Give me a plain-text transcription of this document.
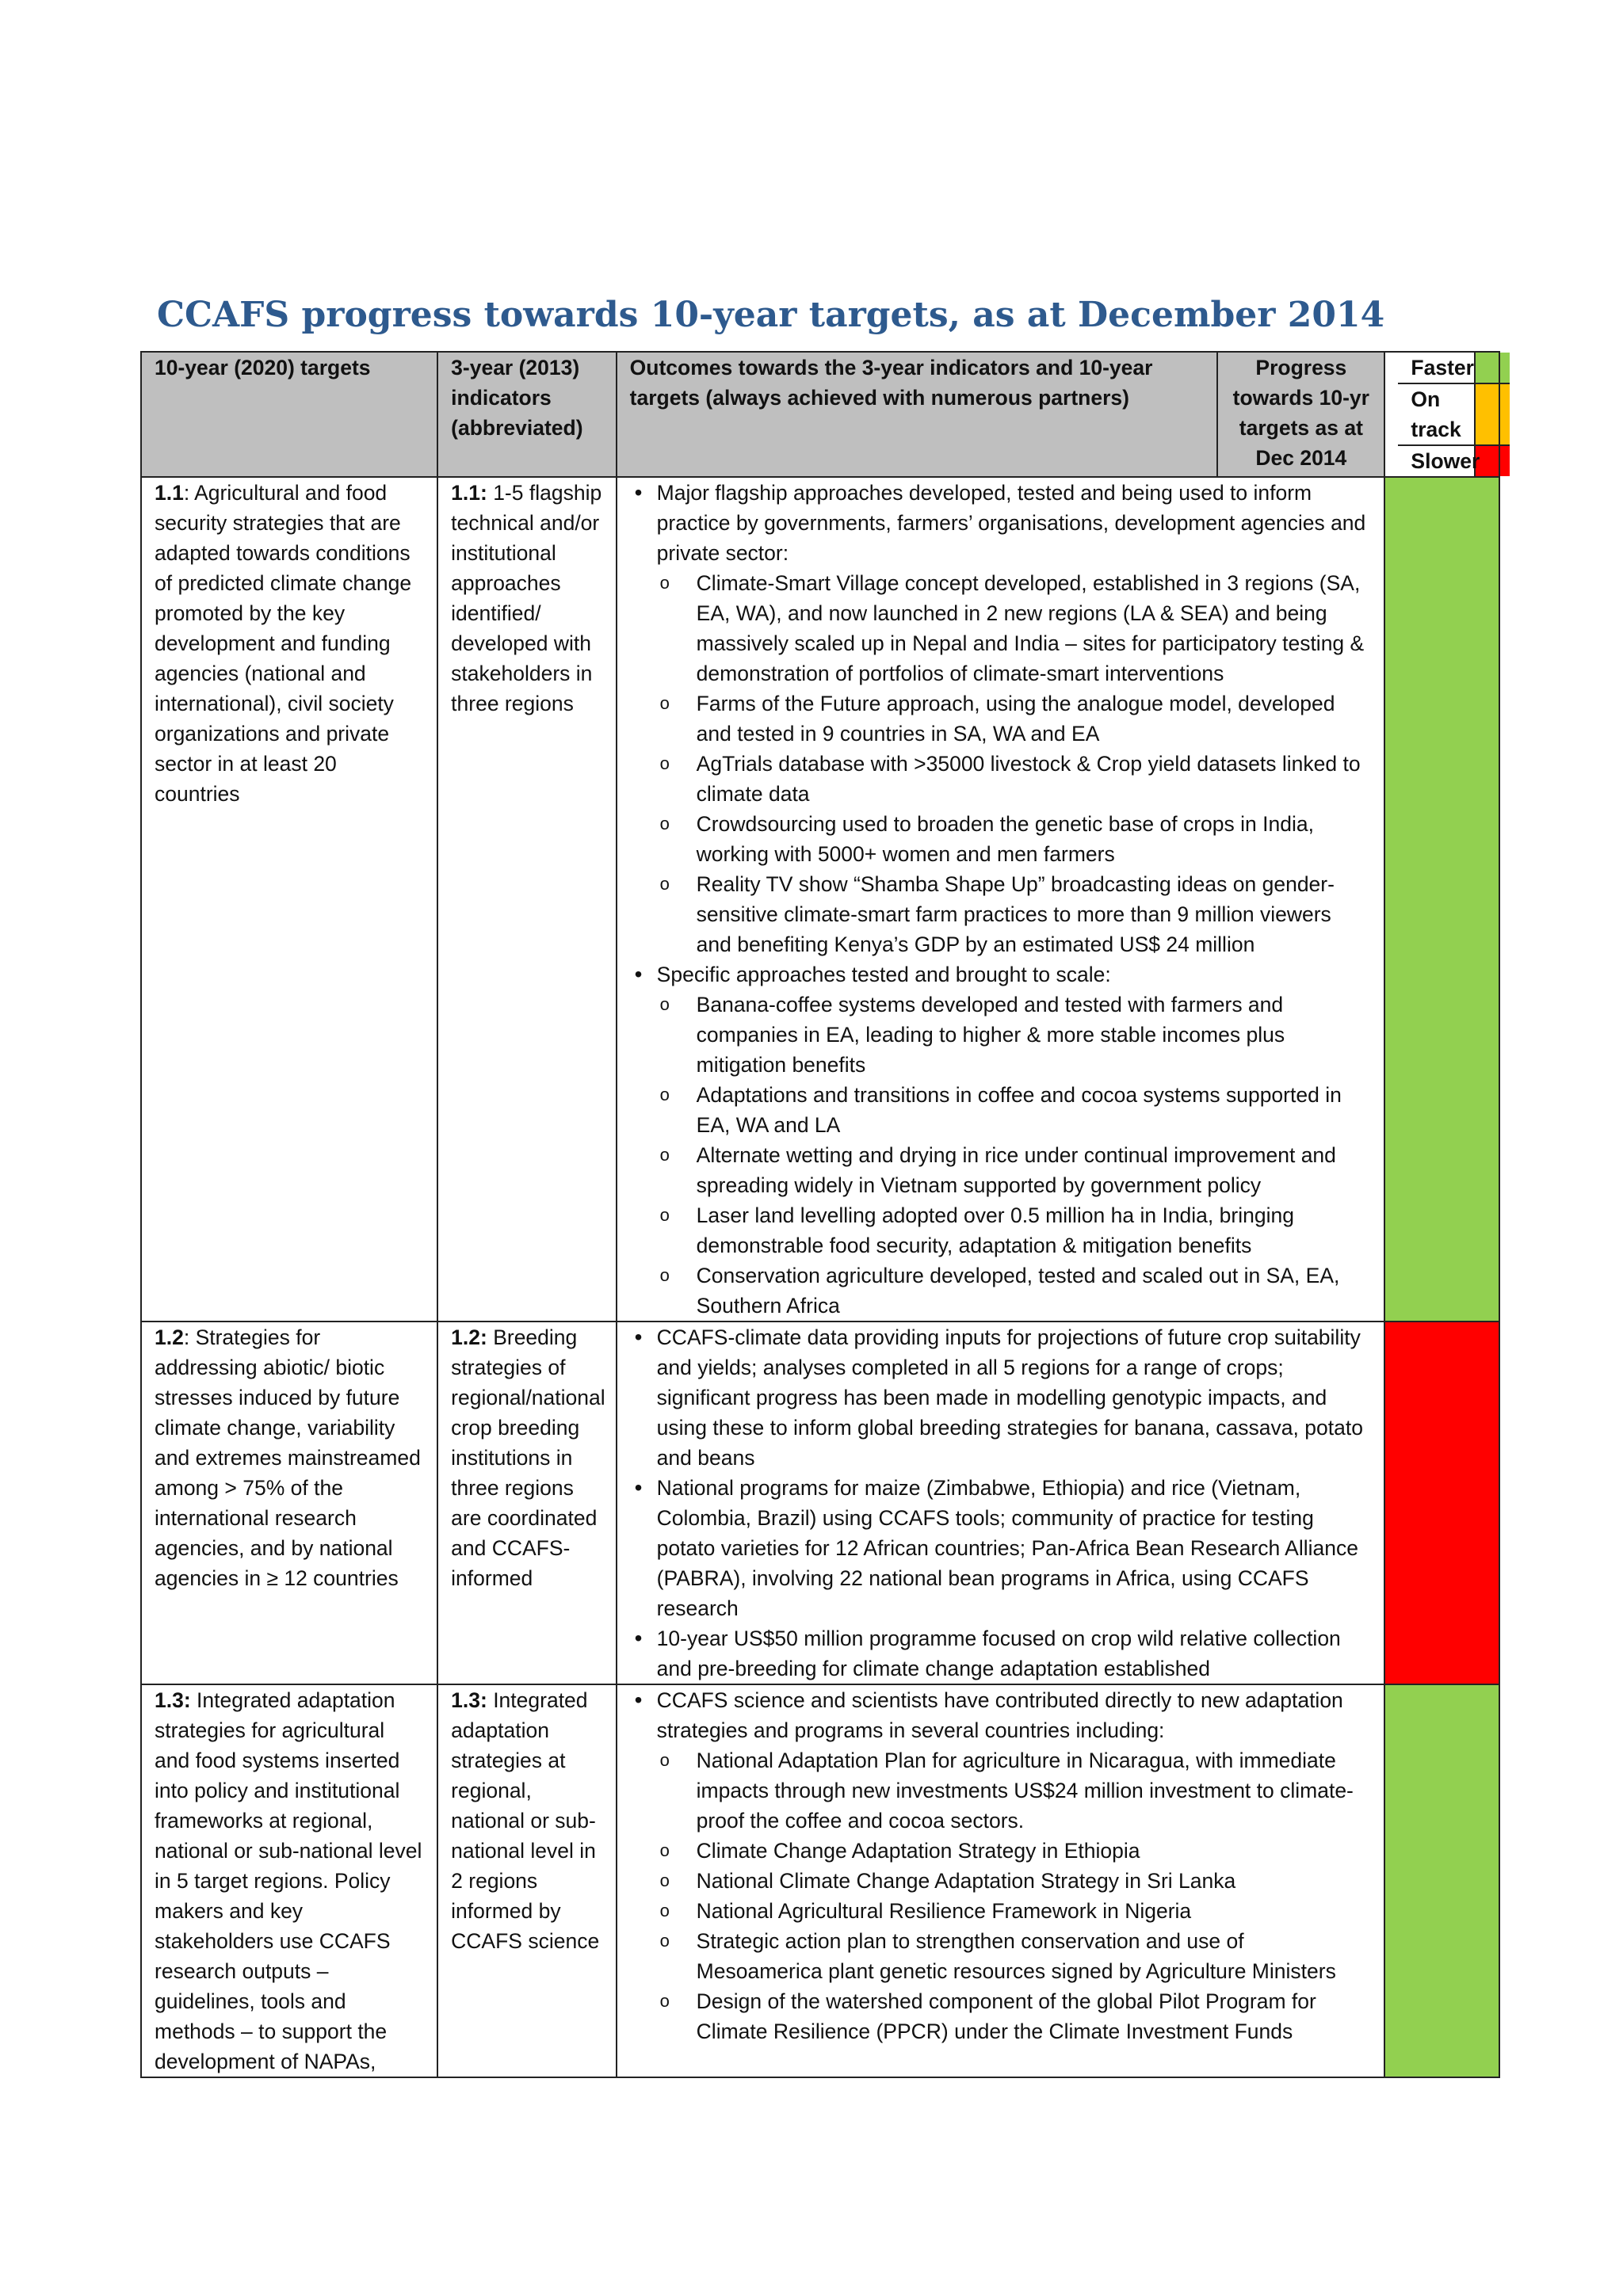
CCAFS progress towards 10-year targets, as at December 2014
10-year (2020) targets	3-year (2013) indicators (abbreviated)	Outcomes towards the 3-year indicators and 10-year targets (always achieved with numerous partners)	Progress towards 10-yr targets as at Dec 2014	
Faster	
On track	
Slower	

1.1: Agricultural and food security strategies that are adapted towards conditions of predicted climate change promoted by the key development and funding agencies (national and international), civil society organizations and private sector in at least 20 countries	1.1: 1-5 flagship technical and/or institutional approaches identified/ developed with stakeholders in three regions	
• Major flagship approaches developed, tested and being used to inform practice by governments, farmers’ organisations, development agencies and private sector:
o Climate-Smart Village concept developed, established in 3 regions (SA, EA, WA), and now launched in 2 new regions (LA & SEA) and being massively scaled up in Nepal and India – sites for participatory testing & demonstration of portfolios of climate-smart interventions
o Farms of the Future approach, using the analogue model, developed and tested in 9 countries in SA, WA and EA
o AgTrials database with >35000 livestock & Crop yield datasets linked to climate data
o Crowdsourcing used to broaden the genetic base of crops in India, working with 5000+ women and men farmers
o Reality TV show “Shamba Shape Up” broadcasting ideas on gender-sensitive climate-smart farm practices to more than 9 million viewers and benefiting Kenya’s GDP by an estimated US$ 24 million
• Specific approaches tested and brought to scale:
o Banana-coffee systems developed and tested with farmers and companies in EA, leading to higher & more stable incomes plus mitigation benefits
o Adaptations and transitions in coffee and cocoa systems supported in EA, WA and LA
o Alternate wetting and drying in rice under continual improvement and spreading widely in Vietnam supported by government policy
o Laser land levelling adopted over 0.5 million ha in India, bringing demonstrable food security, adaptation & mitigation benefits
o Conservation agriculture developed, tested and scaled out in SA, EA, Southern Africa

1.2: Strategies for addressing abiotic/ biotic stresses induced by future climate change, variability and extremes mainstreamed among > 75% of the international research agencies, and by national agencies in ≥ 12 countries	1.2: Breeding strategies of regional/national crop breeding institutions in three regions are coordinated and CCAFS-informed	
• CCAFS-climate data providing inputs for projections of future crop suitability and yields; analyses completed in all 5 regions for a range of crops; significant progress has been made in modelling genotypic impacts, and using these to inform global breeding strategies for banana, cassava, potato and beans
• National programs for maize (Zimbabwe, Ethiopia) and rice (Vietnam, Colombia, Brazil) using CCAFS tools; community of practice for testing potato varieties for 12 African countries; Pan-Africa Bean Research Alliance (PABRA), involving 22 national bean programs in Africa, using CCAFS research
• 10-year US$50 million programme focused on crop wild relative collection and pre-breeding for climate change adaptation established

1.3: Integrated adaptation strategies for agricultural and food systems inserted into policy and institutional frameworks at regional, national or sub-national level in 5 target regions. Policy makers and key stakeholders use CCAFS research outputs – guidelines, tools and methods – to support the development of NAPAs,	1.3: Integrated adaptation strategies at regional, national or sub-national level in 2 regions informed by CCAFS science	
• CCAFS science and scientists have contributed directly to new adaptation strategies and programs in several countries including:
o National Adaptation Plan for agriculture in Nicaragua, with immediate impacts through new investments US$24 million investment to climate-proof the coffee and cocoa sectors.
o Climate Change Adaptation Strategy in Ethiopia
o National Climate Change Adaptation Strategy in Sri Lanka
o National Agricultural Resilience Framework in Nigeria
o Strategic action plan to strengthen conservation and use of Mesoamerica plant genetic resources signed by Agriculture Ministers
o Design of the watershed component of the global Pilot Program for Climate Resilience (PPCR) under the Climate Investment Funds
